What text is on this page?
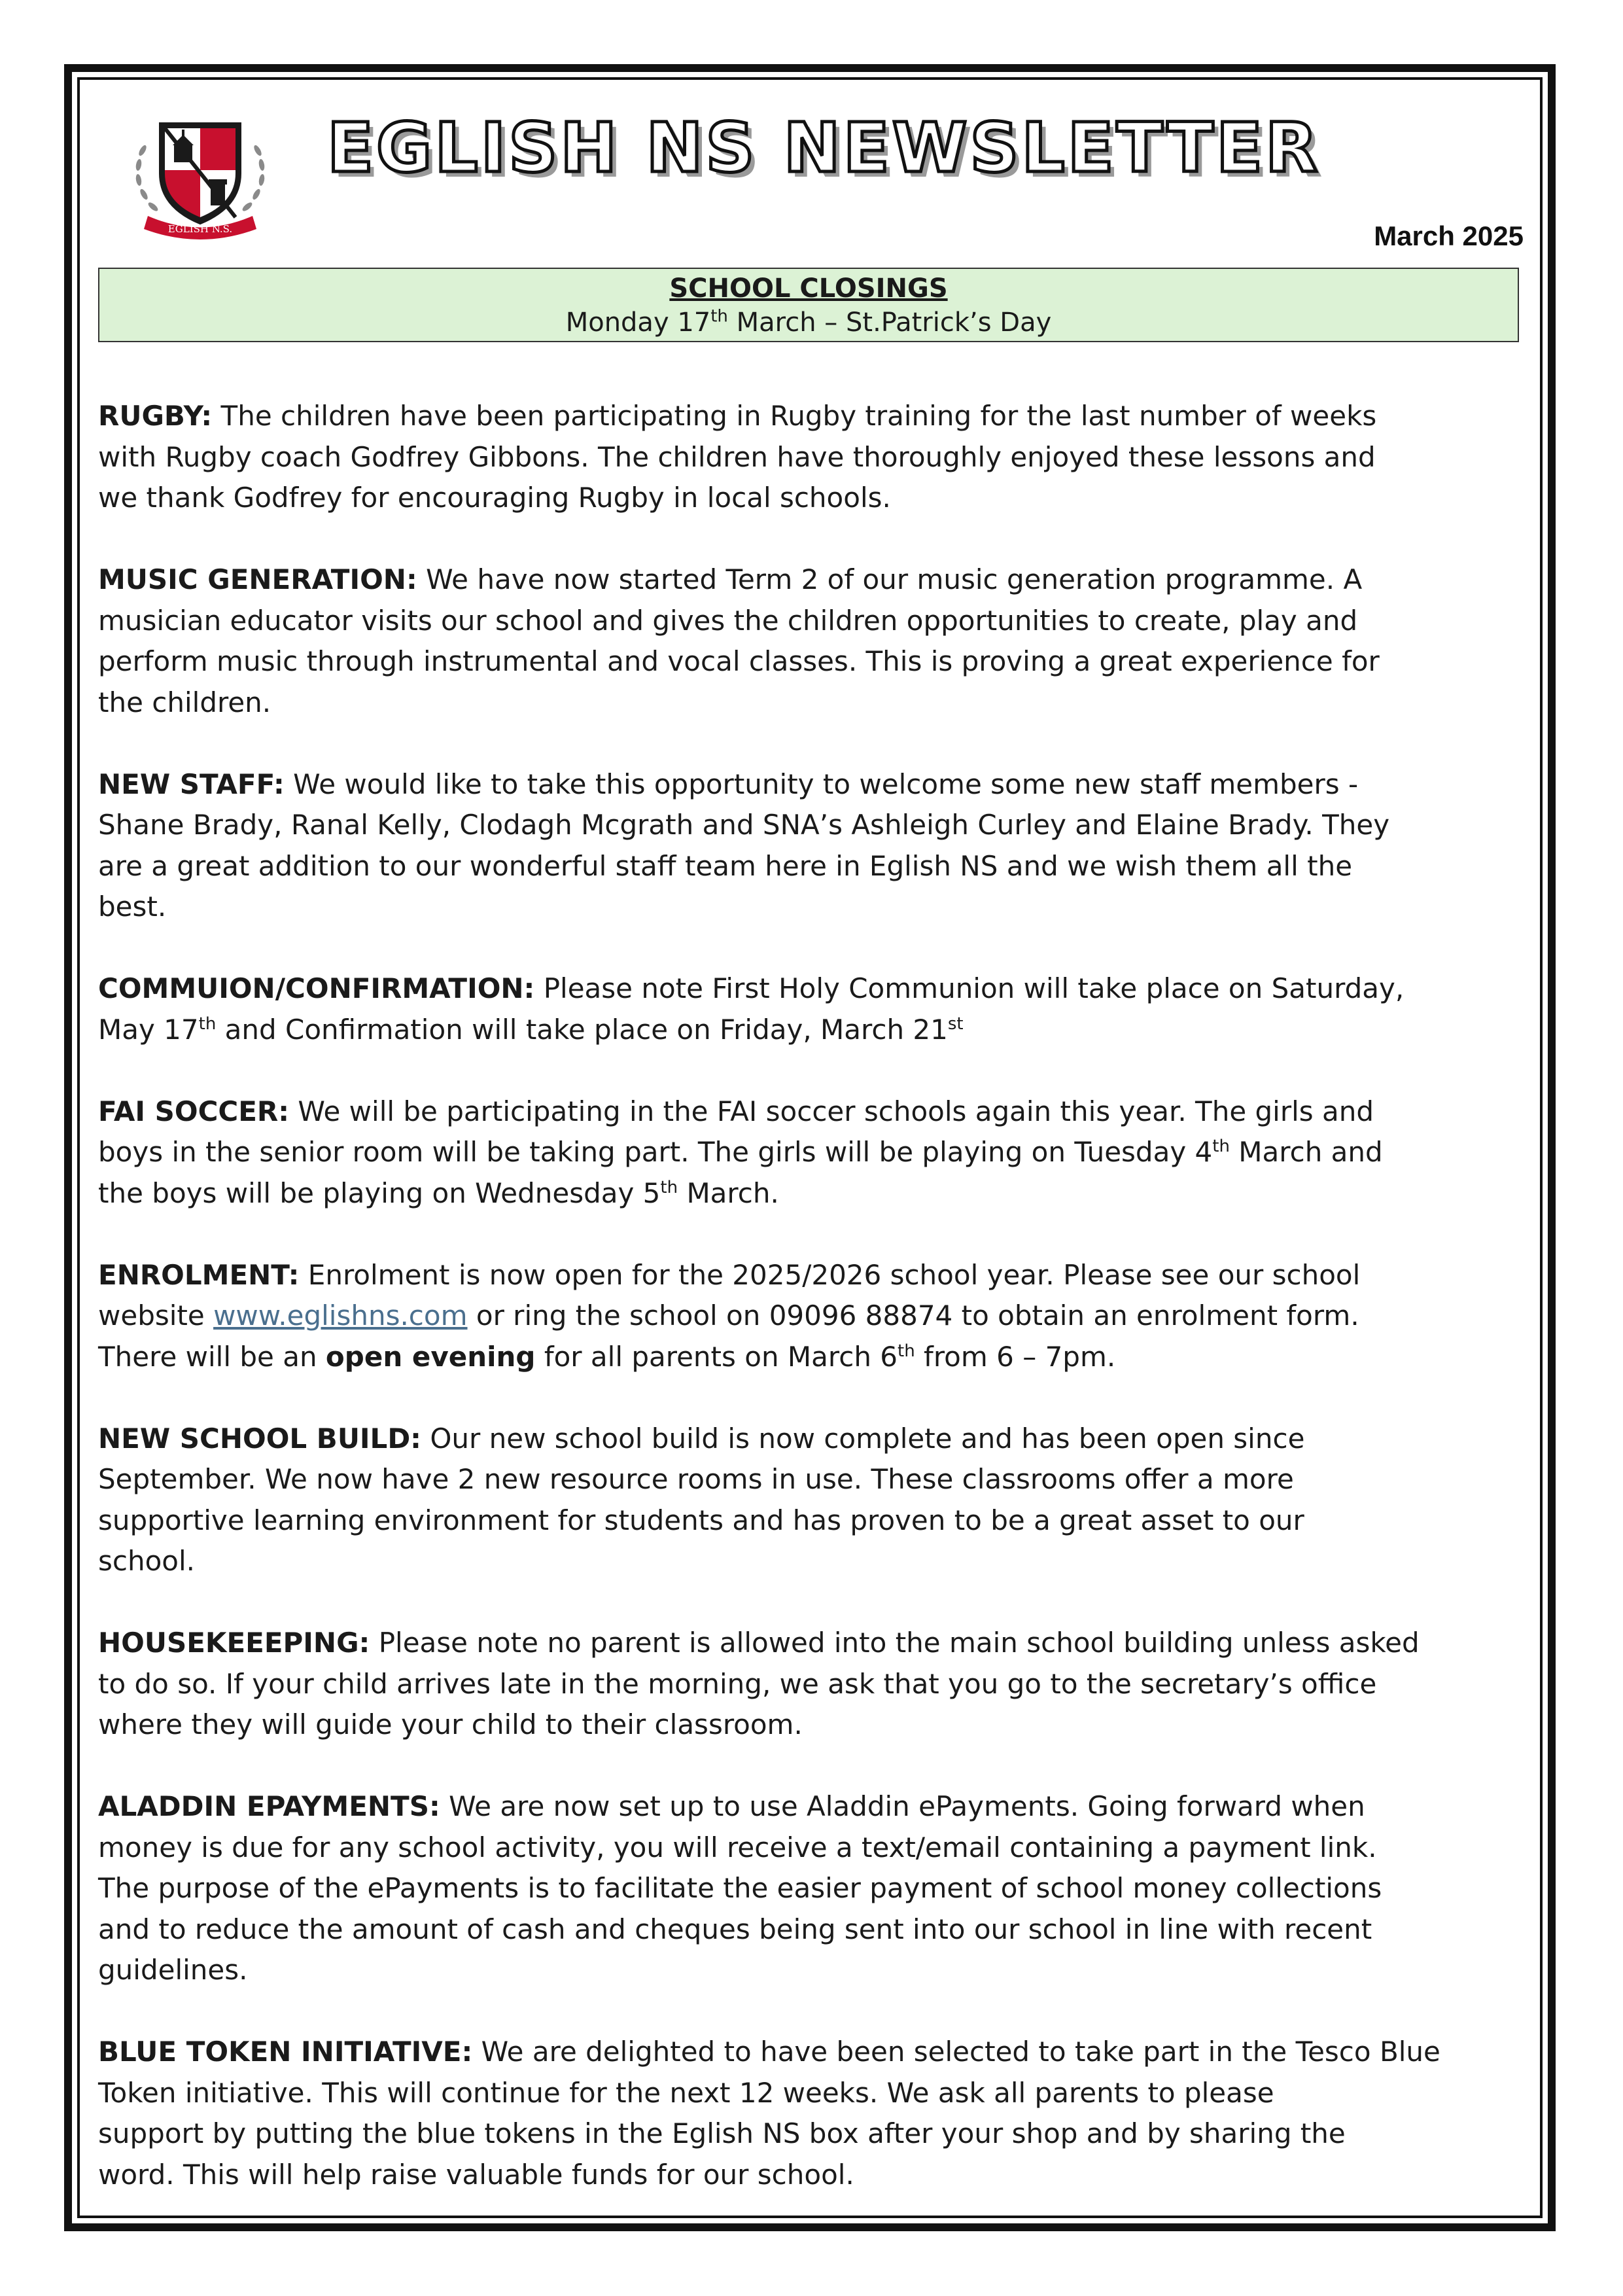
EGLISH N.S.
EGLISH NS NEWSLETTER
March 2025
SCHOOL CLOSINGS
Monday 17th March – St.Patrick’s Day

RUGBY: The children have been participating in Rugby training for the last number of weeks
with Rugby coach Godfrey Gibbons. The children have thoroughly enjoyed these lessons and
we thank Godfrey for encouraging Rugby in local schools.

MUSIC GENERATION: We have now started Term 2 of our music generation programme. A
musician educator visits our school and gives the children opportunities to create, play and
perform music through instrumental and vocal classes. This is proving a great experience for
the children.

NEW STAFF: We would like to take this opportunity to welcome some new staff members -
Shane Brady, Ranal Kelly, Clodagh Mcgrath and SNA’s Ashleigh Curley and Elaine Brady. They
are a great addition to our wonderful staff team here in Eglish NS and we wish them all the
best.

COMMUION/CONFIRMATION: Please note First Holy Communion will take place on Saturday,
May 17th and Confirmation will take place on Friday, March 21st

FAI SOCCER: We will be participating in the FAI soccer schools again this year. The girls and
boys in the senior room will be taking part. The girls will be playing on Tuesday 4th March and
the boys will be playing on Wednesday 5th March.

ENROLMENT: Enrolment is now open for the 2025/2026 school year. Please see our school
website www.eglishns.com or ring the school on 09096 88874 to obtain an enrolment form.
There will be an open evening for all parents on March 6th from 6 – 7pm.

NEW SCHOOL BUILD: Our new school build is now complete and has been open since
September. We now have 2 new resource rooms in use. These classrooms offer a more
supportive learning environment for students and has proven to be a great asset to our
school.

HOUSEKEEEPING: Please note no parent is allowed into the main school building unless asked
to do so. If your child arrives late in the morning, we ask that you go to the secretary’s office
where they will guide your child to their classroom.

ALADDIN EPAYMENTS: We are now set up to use Aladdin ePayments. Going forward when
money is due for any school activity, you will receive a text/email containing a payment link.
The purpose of the ePayments is to facilitate the easier payment of school money collections
and to reduce the amount of cash and cheques being sent into our school in line with recent
guidelines.

BLUE TOKEN INITIATIVE: We are delighted to have been selected to take part in the Tesco Blue
Token initiative. This will continue for the next 12 weeks. We ask all parents to please
support by putting the blue tokens in the Eglish NS box after your shop and by sharing the
word. This will help raise valuable funds for our school.
